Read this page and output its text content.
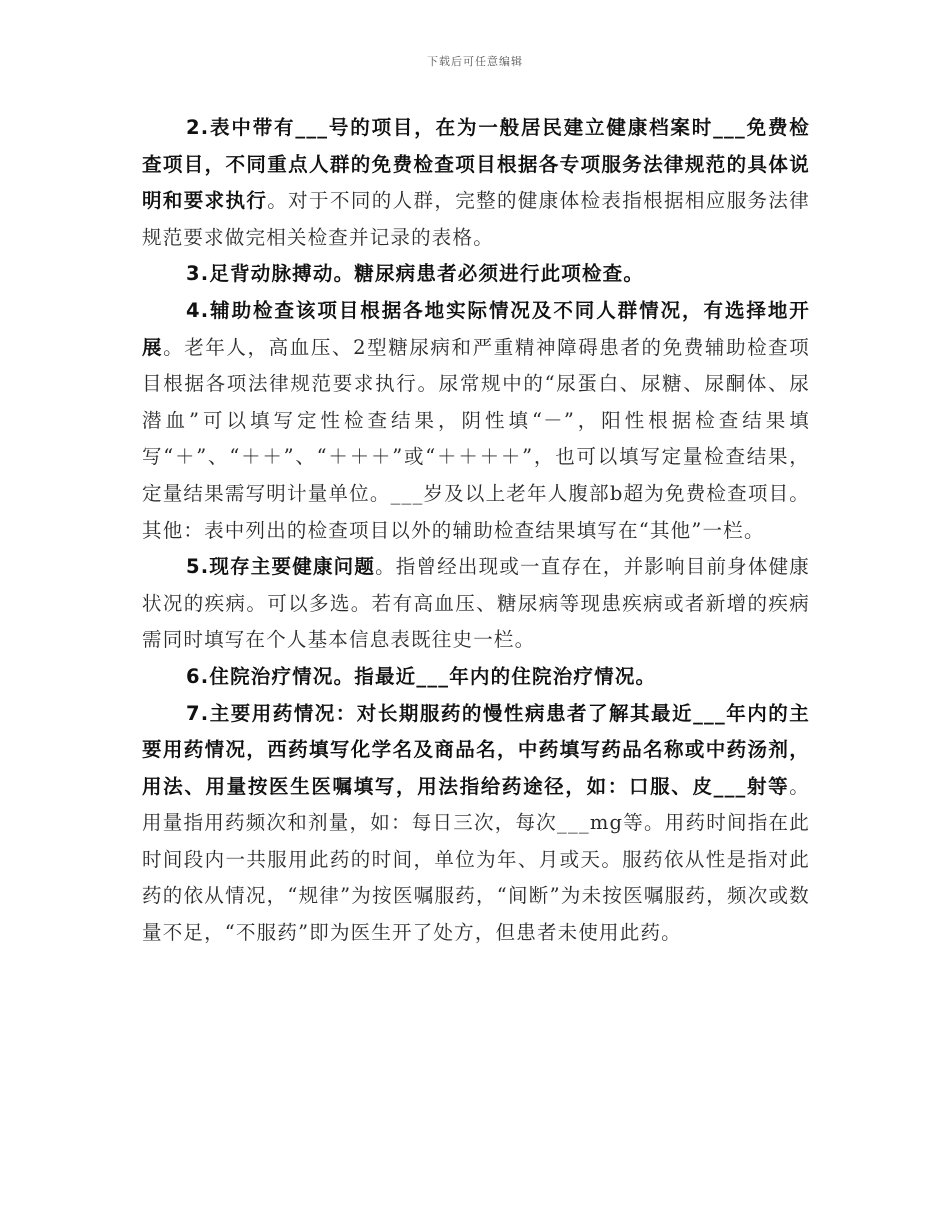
下载后可任意编辑

2.表中带有___号的项目，在为一般居民建立健康档案时___免费检查项目，不同重点人群的免费检查项目根据各专项服务法律规范的具体说明和要求执行。对于不同的人群，完整的健康体检表指根据相应服务法律规范要求做完相关检查并记录的表格。

3.足背动脉搏动。糖尿病患者必须进行此项检查。

4.辅助检查该项目根据各地实际情况及不同人群情况，有选择地开展。老年人，高血压、2型糖尿病和严重精神障碍患者的免费辅助检查项目根据各项法律规范要求执行。尿常规中的“尿蛋白、尿糖、尿酮体、尿潜血”可以填写定性检查结果，阴性填“－”，阳性根据检查结果填写“＋”、“＋＋”、“＋＋＋”或“＋＋＋＋”，也可以填写定量检查结果，定量结果需写明计量单位。___岁及以上老年人腹部b超为免费检查项目。其他：表中列出的检查项目以外的辅助检查结果填写在“其他”一栏。

5.现存主要健康问题。指曾经出现或一直存在，并影响目前身体健康状况的疾病。可以多选。若有高血压、糖尿病等现患疾病或者新增的疾病需同时填写在个人基本信息表既往史一栏。

6.住院治疗情况。指最近___年内的住院治疗情况。

7.主要用药情况：对长期服药的慢性病患者了解其最近___年内的主要用药情况，西药填写化学名及商品名，中药填写药品名称或中药汤剂，用法、用量按医生医嘱填写，用法指给药途径，如：口服、皮___射等。用量指用药频次和剂量，如：每日三次，每次___mg等。用药时间指在此时间段内一共服用此药的时间，单位为年、月或天。服药依从性是指对此药的依从情况，“规律”为按医嘱服药，“间断”为未按医嘱服药，频次或数量不足，“不服药”即为医生开了处方，但患者未使用此药。
